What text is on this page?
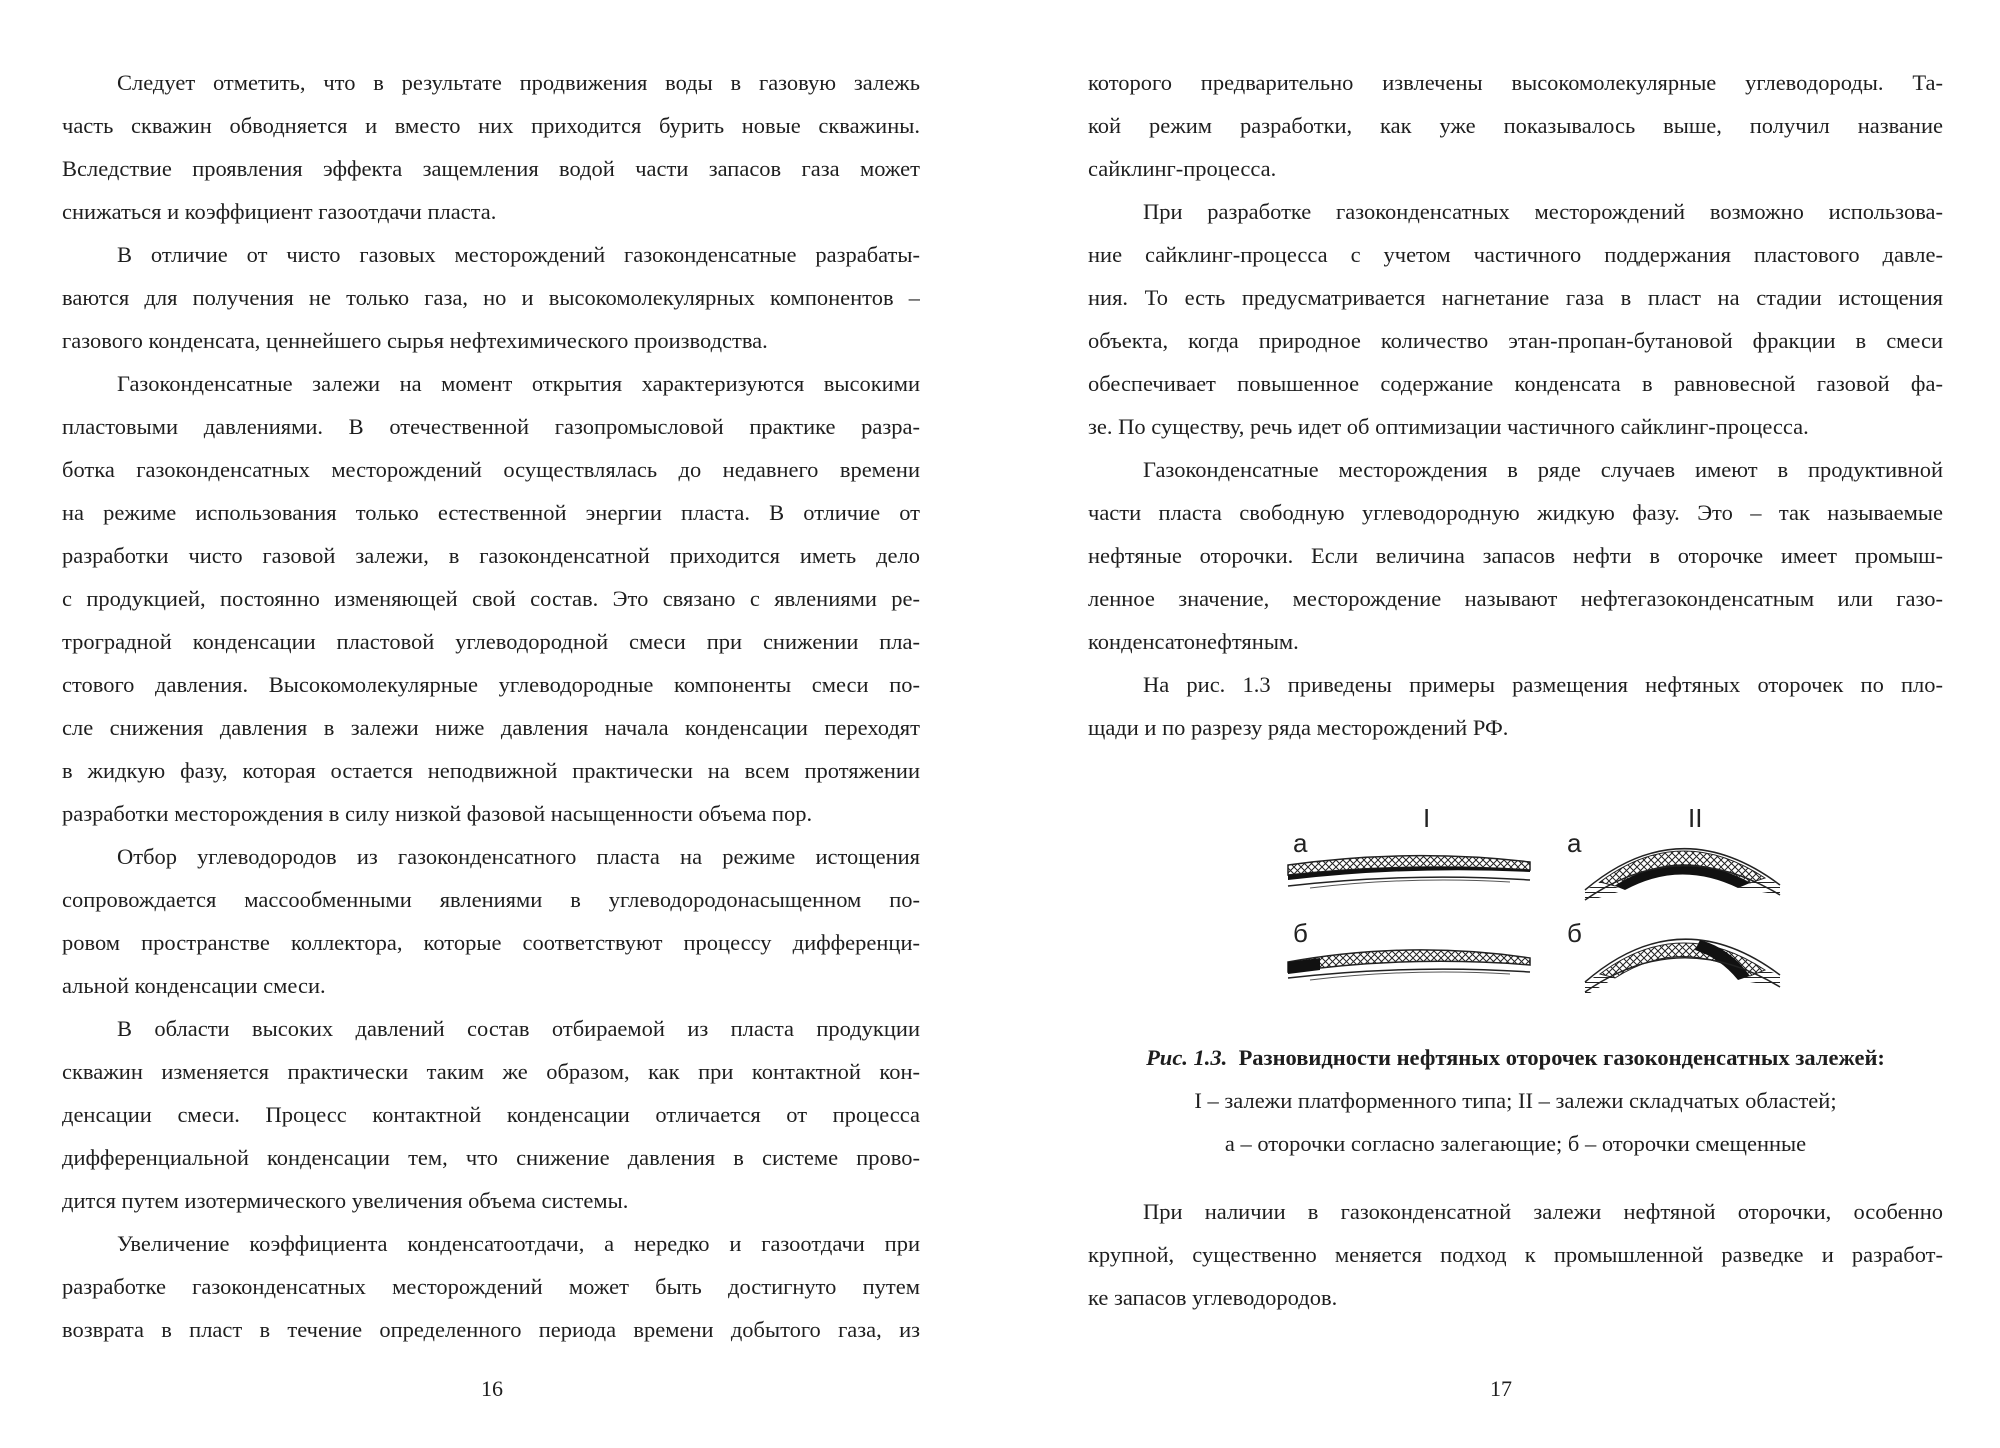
Следует отметить, что в результате продвижения воды в газовую залежь
часть скважин обводняется и вместо них приходится бурить новые скважины.
Вследствие проявления эффекта защемления водой части запасов газа может
снижаться и коэффициент газоотдачи пласта.
В отличие от чисто газовых месторождений газоконденсатные разрабаты-
ваются для получения не только газа, но и высокомолекулярных компонентов –
газового конденсата, ценнейшего сырья нефтехимического производства.
Газоконденсатные залежи на момент открытия характеризуются высокими
пластовыми давлениями. В отечественной газопромысловой практике разра-
ботка газоконденсатных месторождений осуществлялась до недавнего времени
на режиме использования только естественной энергии пласта. В отличие от
разработки чисто газовой залежи, в газоконденсатной приходится иметь дело
с продукцией, постоянно изменяющей свой состав. Это связано с явлениями ре-
троградной конденсации пластовой углеводородной смеси при снижении пла-
стового давления. Высокомолекулярные углеводородные компоненты смеси по-
сле снижения давления в залежи ниже давления начала конденсации переходят
в жидкую фазу, которая остается неподвижной практически на всем протяжении
разработки месторождения в силу низкой фазовой насыщенности объема пор.
Отбор углеводородов из газоконденсатного пласта на режиме истощения
сопровождается массообменными явлениями в углеводородонасыщенном по-
ровом пространстве коллектора, которые соответствуют процессу дифференци-
альной конденсации смеси.
В области высоких давлений состав отбираемой из пласта продукции
скважин изменяется практически таким же образом, как при контактной кон-
денсации смеси. Процесс контактной конденсации отличается от процесса
дифференциальной конденсации тем, что снижение давления в системе прово-
дится путем изотермического увеличения объема системы.
Увеличение коэффициента конденсатоотдачи, а нередко и газоотдачи при
разработке газоконденсатных месторождений может быть достигнуто путем
возврата в пласт в течение определенного периода времени добытого газа, из
16
которого предварительно извлечены высокомолекулярные углеводороды. Та-
кой режим разработки, как уже показывалось выше, получил название
сайклинг-процесса.
При разработке газоконденсатных месторождений возможно использова-
ние сайклинг-процесса с учетом частичного поддержания пластового давле-
ния. То есть предусматривается нагнетание газа в пласт на стадии истощения
объекта, когда природное количество этан-пропан-бутановой фракции в смеси
обеспечивает повышенное содержание конденсата в равновесной газовой фа-
зе. По существу, речь идет об оптимизации частичного сайклинг-процесса.
Газоконденсатные месторождения в ряде случаев имеют в продуктивной
части пласта свободную углеводородную жидкую фазу. Это – так называемые
нефтяные оторочки. Если величина запасов нефти в оторочке имеет промыш-
ленное значение, месторождение называют нефтегазоконденсатным или газо-
конденсатонефтяным.
На рис. 1.3 приведены примеры размещения нефтяных оторочек по пло-
щади и по разрезу ряда месторождений РФ.
I
а
б
II
а
б
Рис. 1.3. Разновидности нефтяных оторочек газоконденсатных залежей:
I – залежи платформенного типа; II – залежи складчатых областей;
а – оторочки согласно залегающие; б – оторочки смещенные
При наличии в газоконденсатной залежи нефтяной оторочки, особенно
крупной, существенно меняется подход к промышленной разведке и разработ-
ке запасов углеводородов.
17
